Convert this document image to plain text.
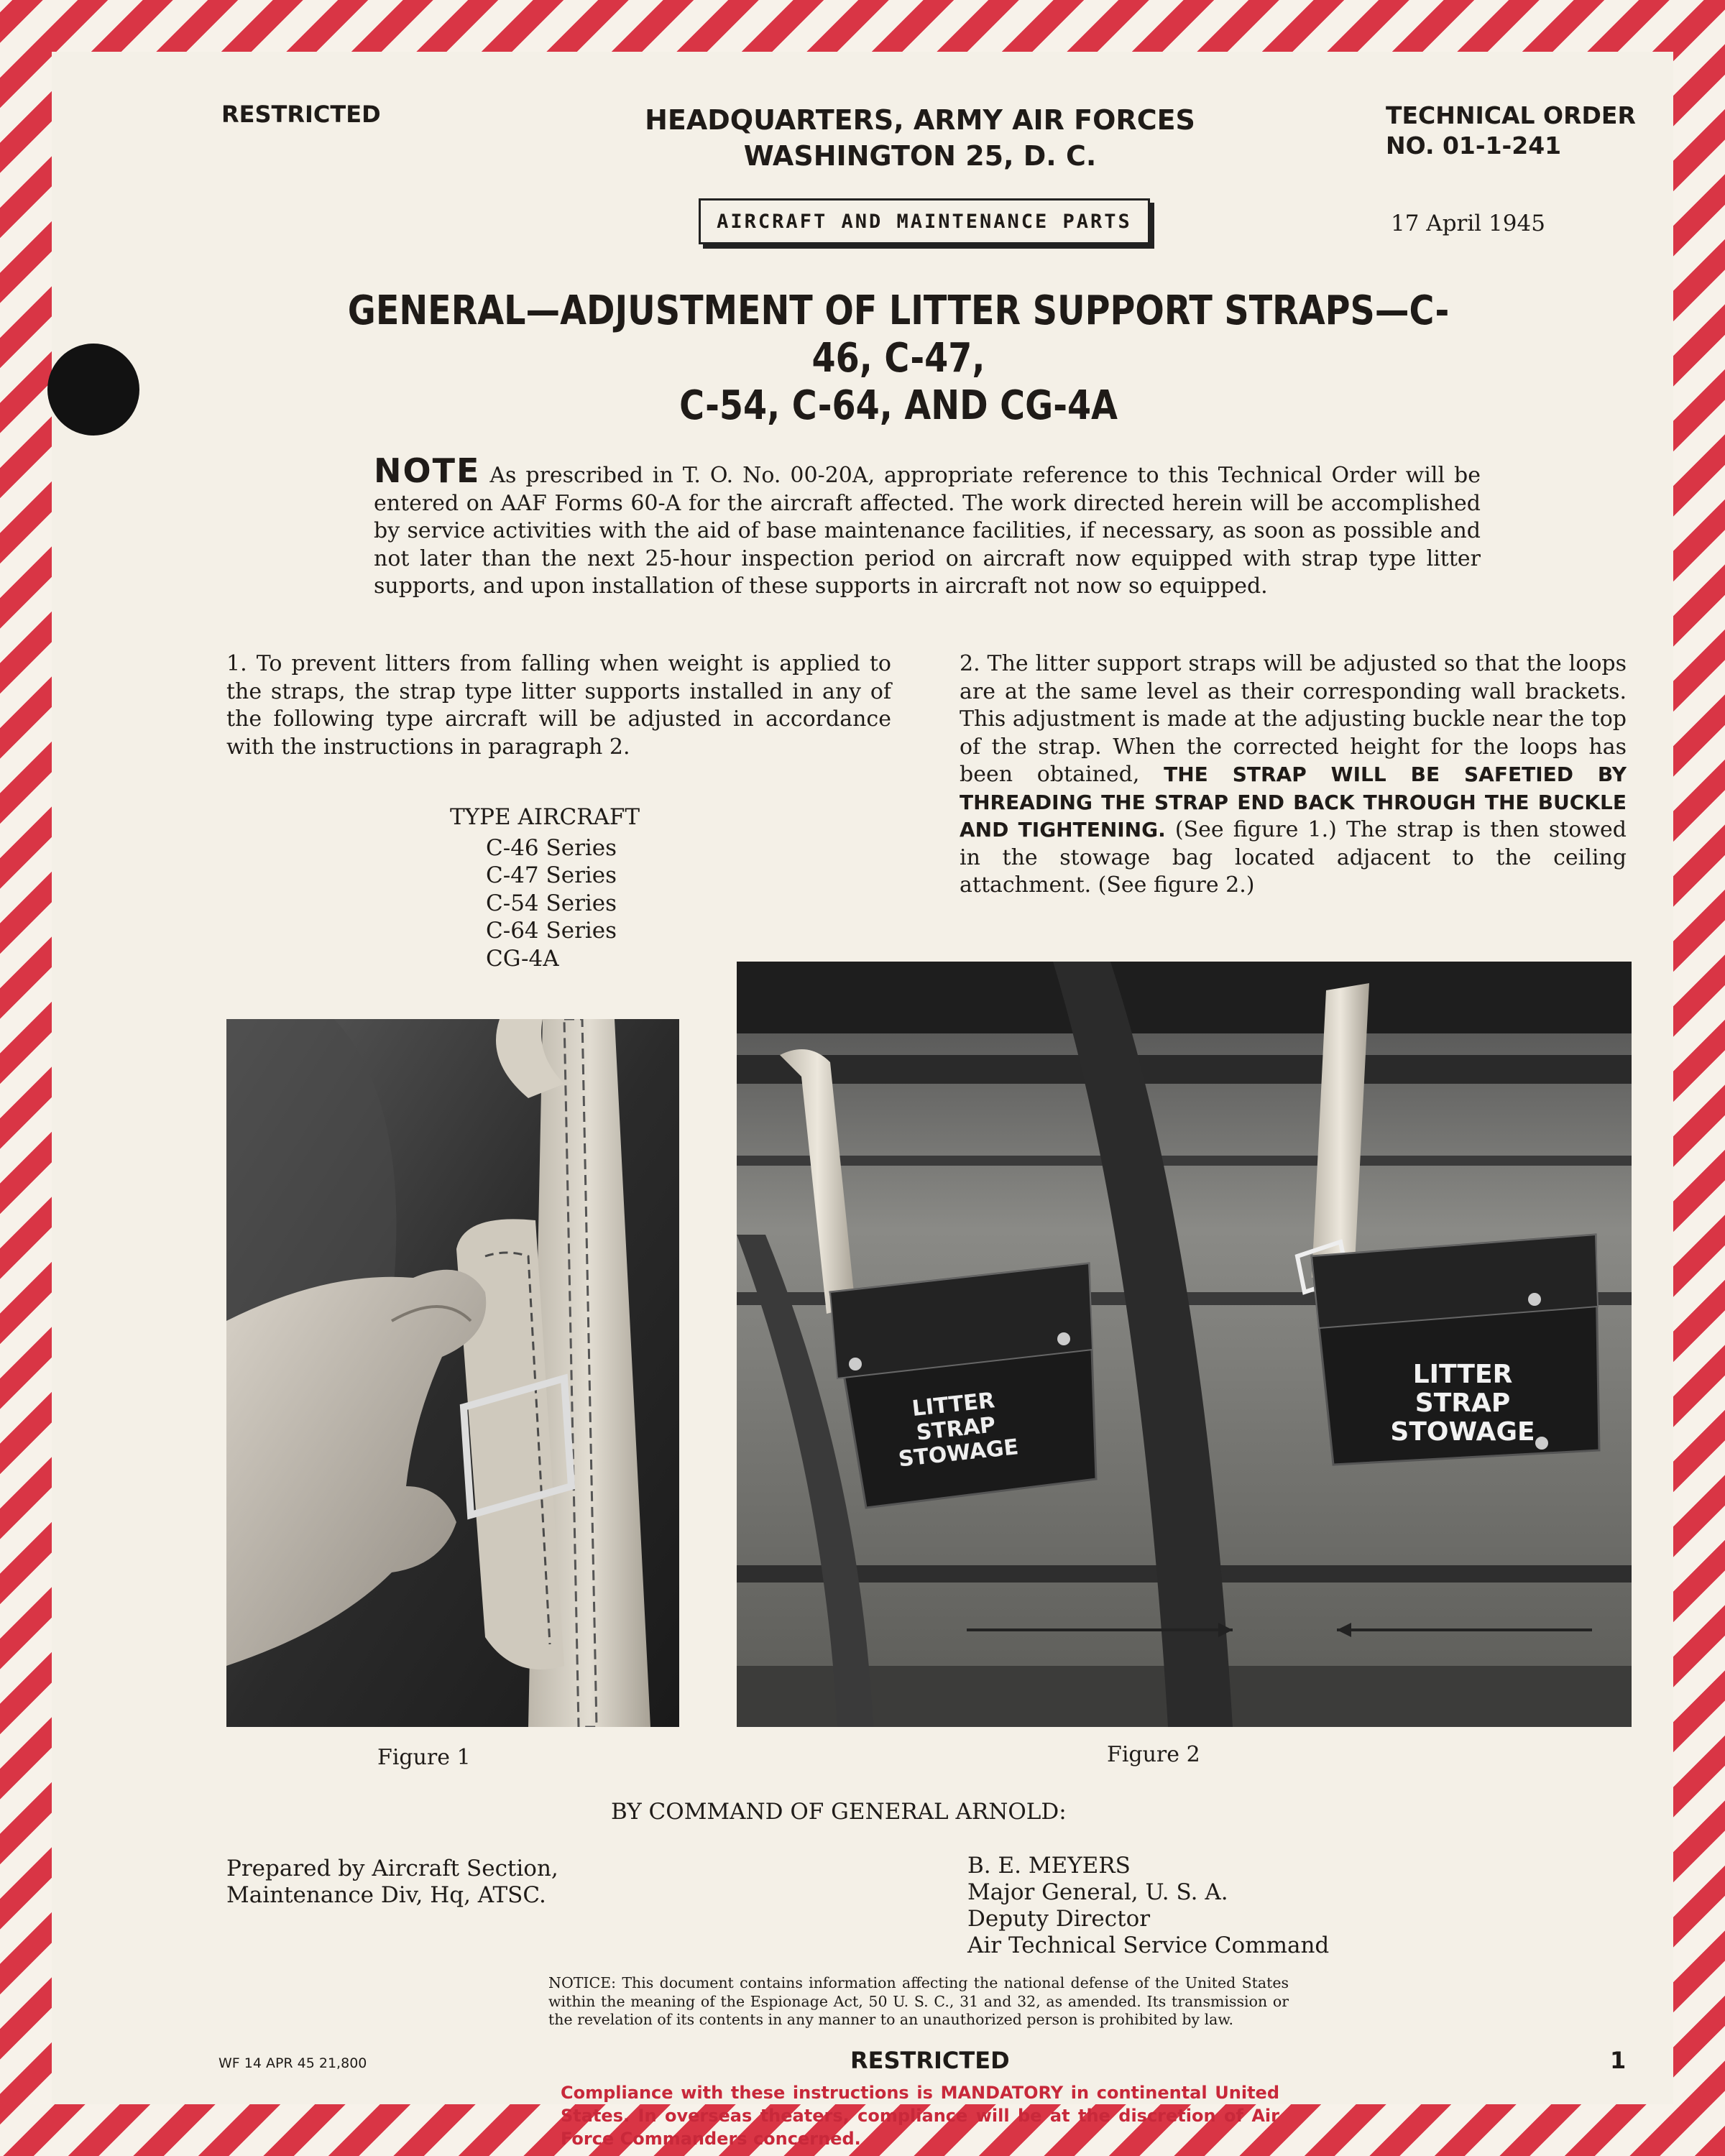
RESTRICTED	HEADQUARTERS, ARMY AIR FORCES
WASHINGTON 25, D. C.
TECHNICAL ORDER
NO. 01-1-241
AIRCRAFT AND MAINTENANCE PARTS	17 April 1945
GENERAL—ADJUSTMENT OF LITTER SUPPORT STRAPS—C-46, C-47,
C-54, C-64, AND CG-4A
NOTE As prescribed in T. O. No. 00-20A, appropriate reference to this Technical Order will be entered on AAF Forms 60-A for the aircraft affected. The work directed herein will be accomplished by service activities with the aid of base maintenance facilities, if necessary, as soon as possible and not later than the next 25-hour inspection period on aircraft now equipped with strap type litter supports, and upon installation of these supports in aircraft not now so equipped.
1. To prevent litters from falling when weight is applied to the straps, the strap type litter supports installed in any of the following type aircraft will be adjusted in accordance with the instructions in paragraph 2.
TYPE AIRCRAFT
C-46 Series
C-47 Series
C-54 Series
C-64 Series
CG-4A
2. The litter support straps will be adjusted so that the loops are at the same level as their corresponding wall brackets. This adjustment is made at the adjusting buckle near the top of the strap. When the corrected height for the loops has been obtained, THE STRAP WILL BE SAFETIED BY THREADING THE STRAP END BACK THROUGH THE BUCKLE AND TIGHTENING. (See figure 1.) The strap is then stowed in the stowage bag located adjacent to the ceiling attachment. (See figure 2.)
Figure 1
LITTER STRAP STOWAGE
LITTER STRAP STOWAGE
Figure 2
BY COMMAND OF GENERAL ARNOLD:
Prepared by Aircraft Section,
Maintenance Div, Hq, ATSC.
B. E. MEYERS
Major General, U. S. A.
Deputy Director
Air Technical Service Command
NOTICE: This document contains information affecting the national defense of the United States within the meaning of the Espionage Act, 50 U. S. C., 31 and 32, as amended. Its transmission or the revelation of its contents in any manner to an unauthorized person is prohibited by law.
WF 14 APR 45 21,800	RESTRICTED	1
Compliance with these instructions is MANDATORY in continental United States. In overseas theaters, compliance will be at the discretion of Air Force Commanders concerned.
